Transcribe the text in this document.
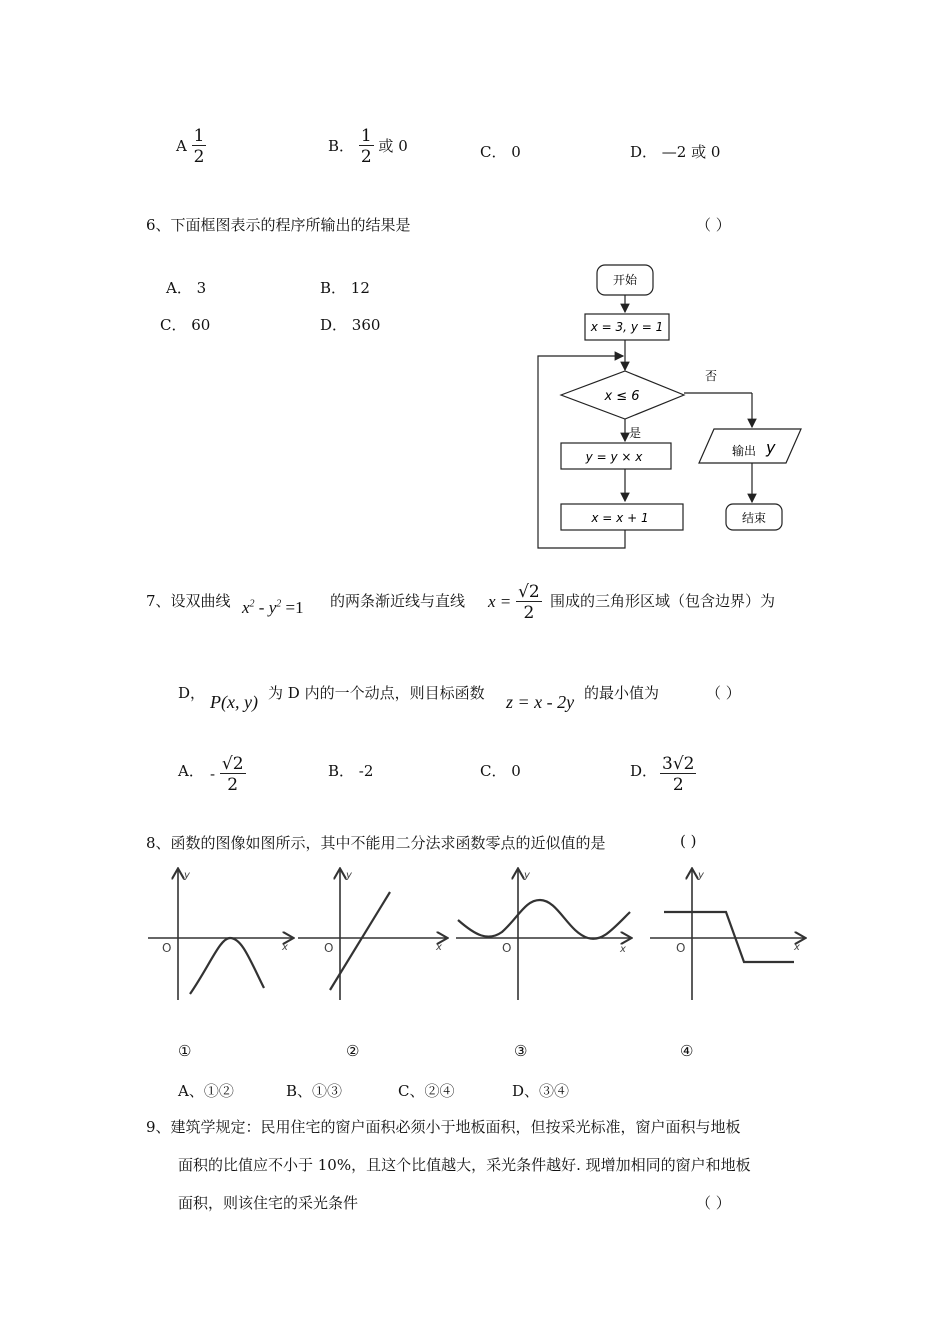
A $\frac{1}{2}$	B． $\frac{1}{2}$ 或 0	C． 0	D． —2 或 0
6、下面框图表示的程序所输出的结果是	（ ）
A． 3	B． 12
C． 60	D． 360
开始
x = 3, y = 1
x ≤ 6
否
是
y = y × x
x = x + 1
输出 y
结束
7、设双曲线 $x^2 - y^2 =1$ 的两条渐近线与直线 $x = \frac{√2}{2}$ 围成的三角形区域（包含边界）为
D， P(x, y) 为 D 内的一个动点，则目标函数 z = x - 2y 的最小值为	（ ）
A． - $\frac{√2}{2}$	B． -2	C． 0	D． $\frac{3√2}{2}$
8、函数的图像如图所示，其中不能用二分法求函数零点的近似值的是	( )
y
x
O
y
x
O
y
x
O
y
x
O
①	②	③	④
A、①②	B、①③	C、②④	D、③④
9、建筑学规定：民用住宅的窗户面积必须小于地板面积，但按采光标准，窗户面积与地板
面积的比值应不小于 10%，且这个比值越大，采光条件越好. 现增加相同的窗户和地板
面积，则该住宅的采光条件	（ ）
